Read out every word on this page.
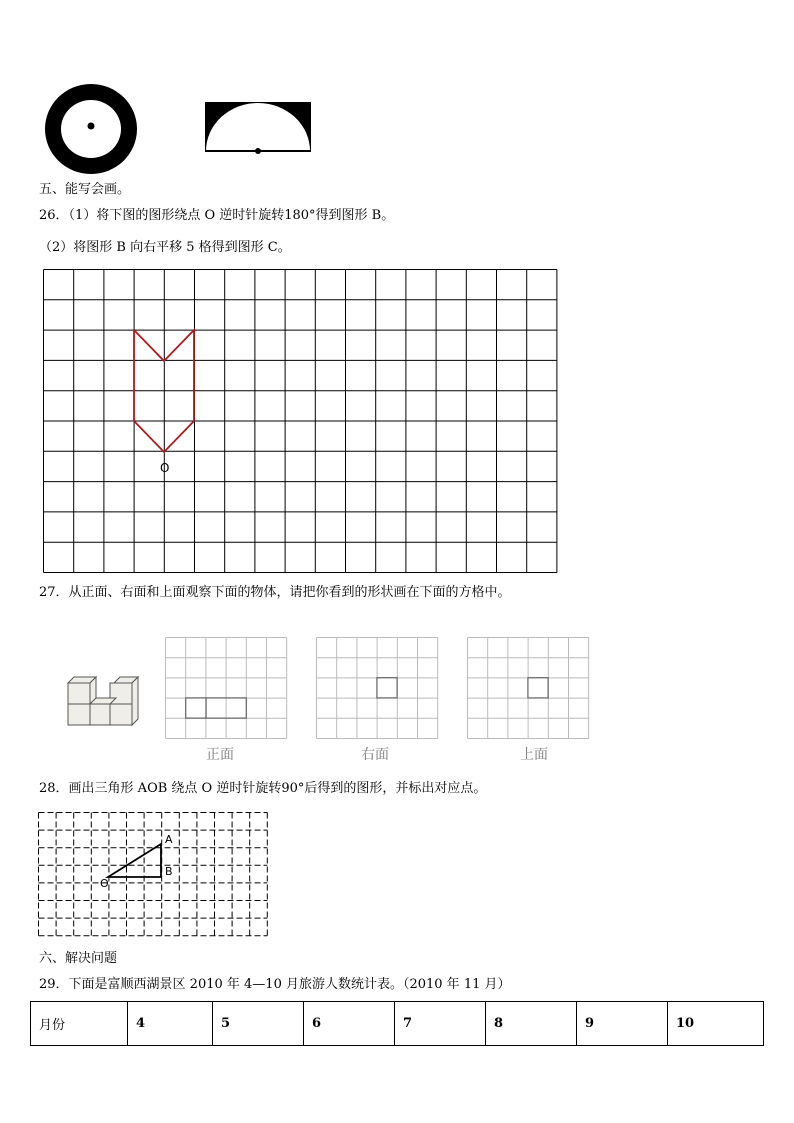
五、能写会画。
26．（1）将下图的图形绕点 O 逆时针旋转180°得到图形 B。
（2）将图形 B 向右平移 5 格得到图形 C。
O
27．从正面、右面和上面观察下面的物体，请把你看到的形状画在下面的方格中。
正面	右面	上面
28．画出三角形 AOB 绕点 O 逆时针旋转90°后得到的图形，并标出对应点。
A
B
O
六、解决问题
29．下面是富顺西湖景区 2010 年 4—10 月旅游人数统计表。（2010 年 11 月）
月份	4	5	6	7	8	9	10
